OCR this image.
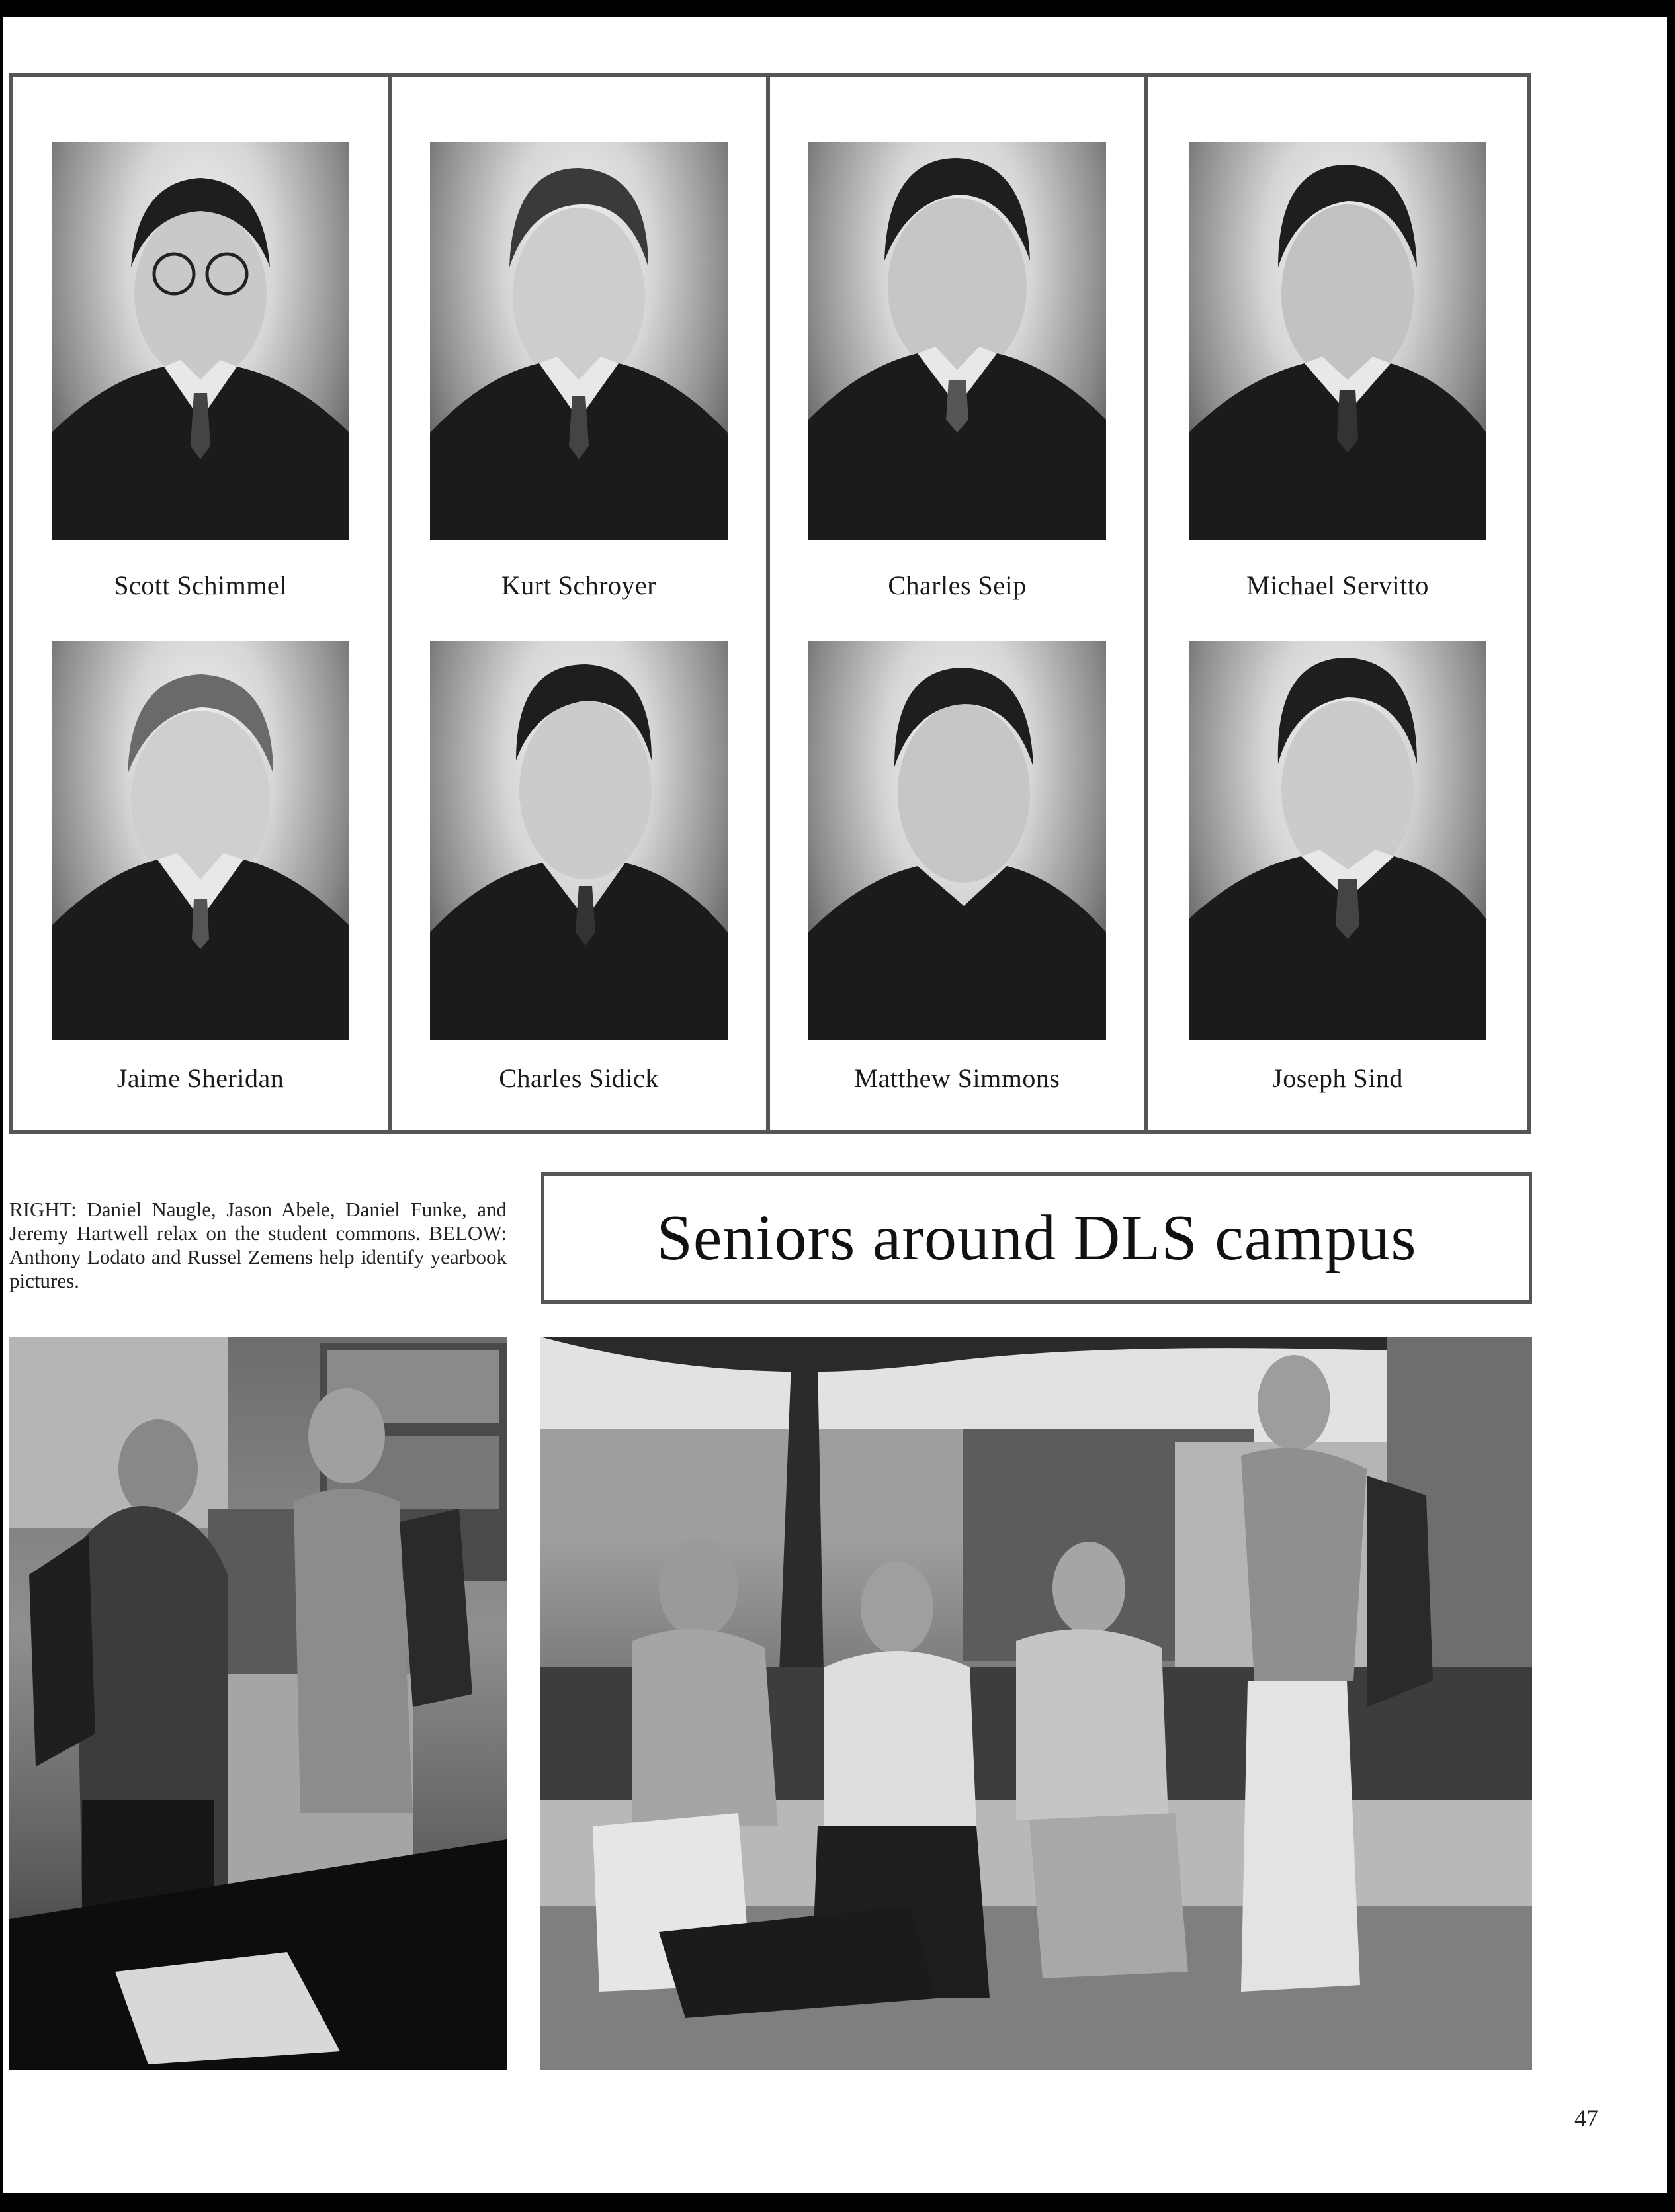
Scott Schimmel
Jaime Sheridan
Kurt Schroyer
Charles Sidick
Charles Seip
Matthew Simmons
Michael Servitto
Joseph Sind
RIGHT: Daniel Naugle, Jason Abele, Daniel Funke, and Jeremy Hartwell relax on the student commons. BELOW: Anthony Lodato and Russel Zemens help identify yearbook pictures.
Seniors around DLS campus
47
